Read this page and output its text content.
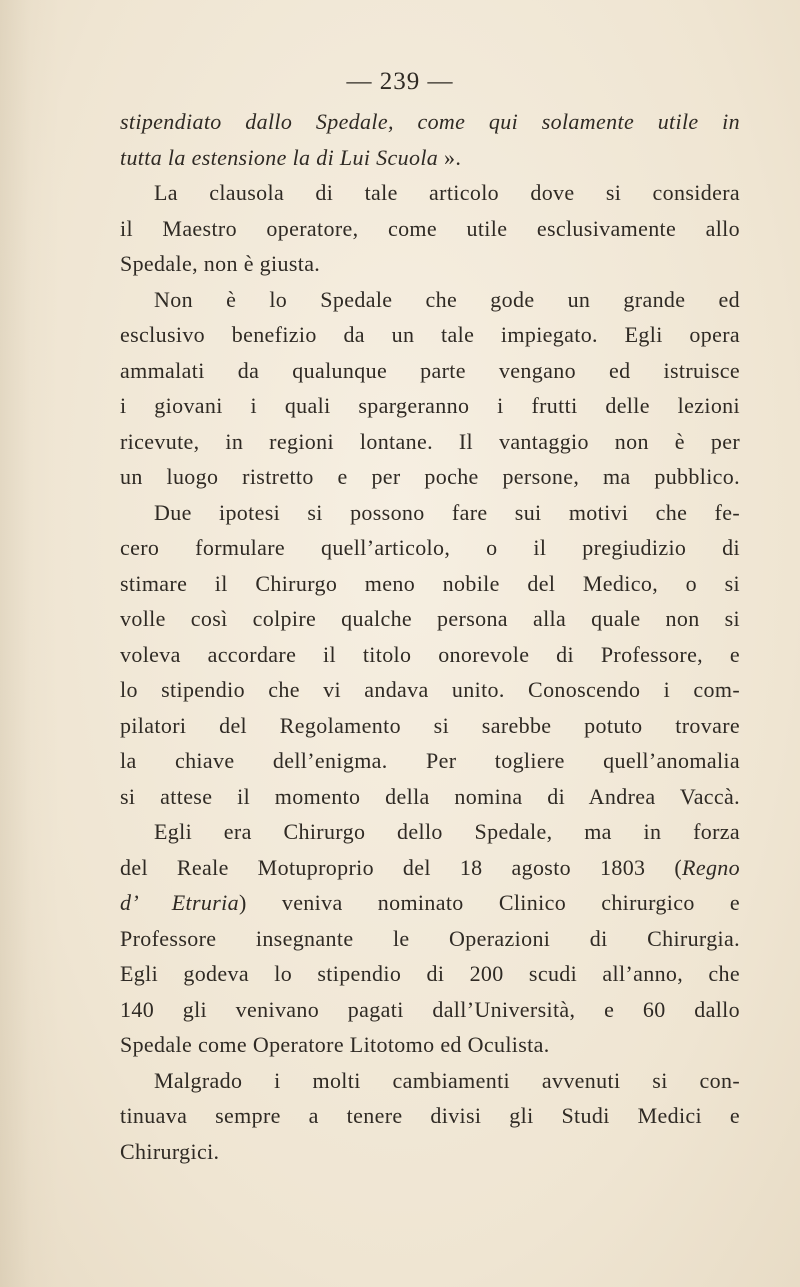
— 239 —
stipendiato dallo Spedale, come qui solamente utile in
tutta la estensione la di Lui Scuola ».
La clausola di tale articolo dove si considera
il Maestro operatore, come utile esclusivamente allo
Spedale, non è giusta.
Non è lo Spedale che gode un grande ed
esclusivo benefizio da un tale impiegato. Egli opera
ammalati da qualunque parte vengano ed istruisce
i giovani i quali spargeranno i frutti delle lezioni
ricevute, in regioni lontane. Il vantaggio non è per
un luogo ristretto e per poche persone, ma pubblico.
Due ipotesi si possono fare sui motivi che fe-
cero formulare quell’articolo, o il pregiudizio di
stimare il Chirurgo meno nobile del Medico, o si
volle così colpire qualche persona alla quale non si
voleva accordare il titolo onorevole di Professore, e
lo stipendio che vi andava unito. Conoscendo i com-
pilatori del Regolamento si sarebbe potuto trovare
la chiave dell’enigma. Per togliere quell’anomalia
si attese il momento della nomina di Andrea Vaccà.
Egli era Chirurgo dello Spedale, ma in forza
del Reale Motuproprio del 18 agosto 1803 (Regno
d’ Etruria) veniva nominato Clinico chirurgico e
Professore insegnante le Operazioni di Chirurgia.
Egli godeva lo stipendio di 200 scudi all’anno, che
140 gli venivano pagati dall’Università, e 60 dallo
Spedale come Operatore Litotomo ed Oculista.
Malgrado i molti cambiamenti avvenuti si con-
tinuava sempre a tenere divisi gli Studi Medici e
Chirurgici.
